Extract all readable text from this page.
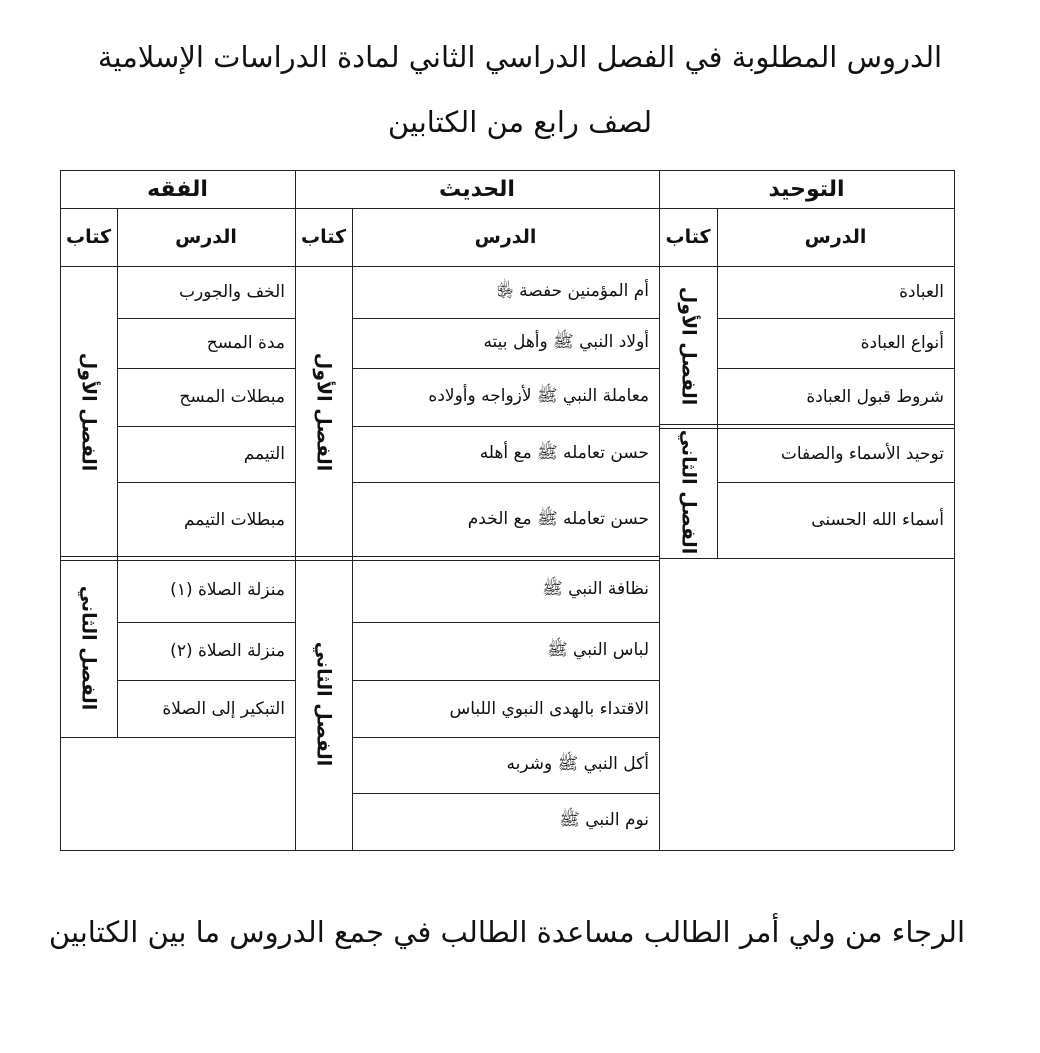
الدروس المطلوبة في الفصل الدراسي الثاني لمادة الدراسات الإسلامية
لصف رابع من الكتابين
التوحيد
الدرس
كتاب
العبادة
أنواع العبادة
شروط قبول العبادة
الفصل الأول
توحيد الأسماء والصفات
أسماء الله الحسنى
الفصل الثاني
الحديث
الدرس
كتاب
أم المؤمنين حفصة ﵂
أولاد النبي ﷺ وأهل بيته
معاملة النبي ﷺ لأزواجه وأولاده
حسن تعامله ﷺ مع أهله
حسن تعامله ﷺ مع الخدم
الفصل الأول
نظافة النبي ﷺ
لباس النبي ﷺ
الاقتداء بالهدى النبوي اللباس
أكل النبي ﷺ وشربه
نوم النبي ﷺ
الفصل الثاني
الفقه
الدرس
كتاب
الخف والجورب
مدة المسح
مبطلات المسح
التيمم
مبطلات التيمم
الفصل الأول
منزلة الصلاة (١)
منزلة الصلاة (٢)
التبكير إلى الصلاة
الفصل الثاني
الرجاء من ولي أمر الطالب مساعدة الطالب في جمع الدروس ما بين الكتابين
